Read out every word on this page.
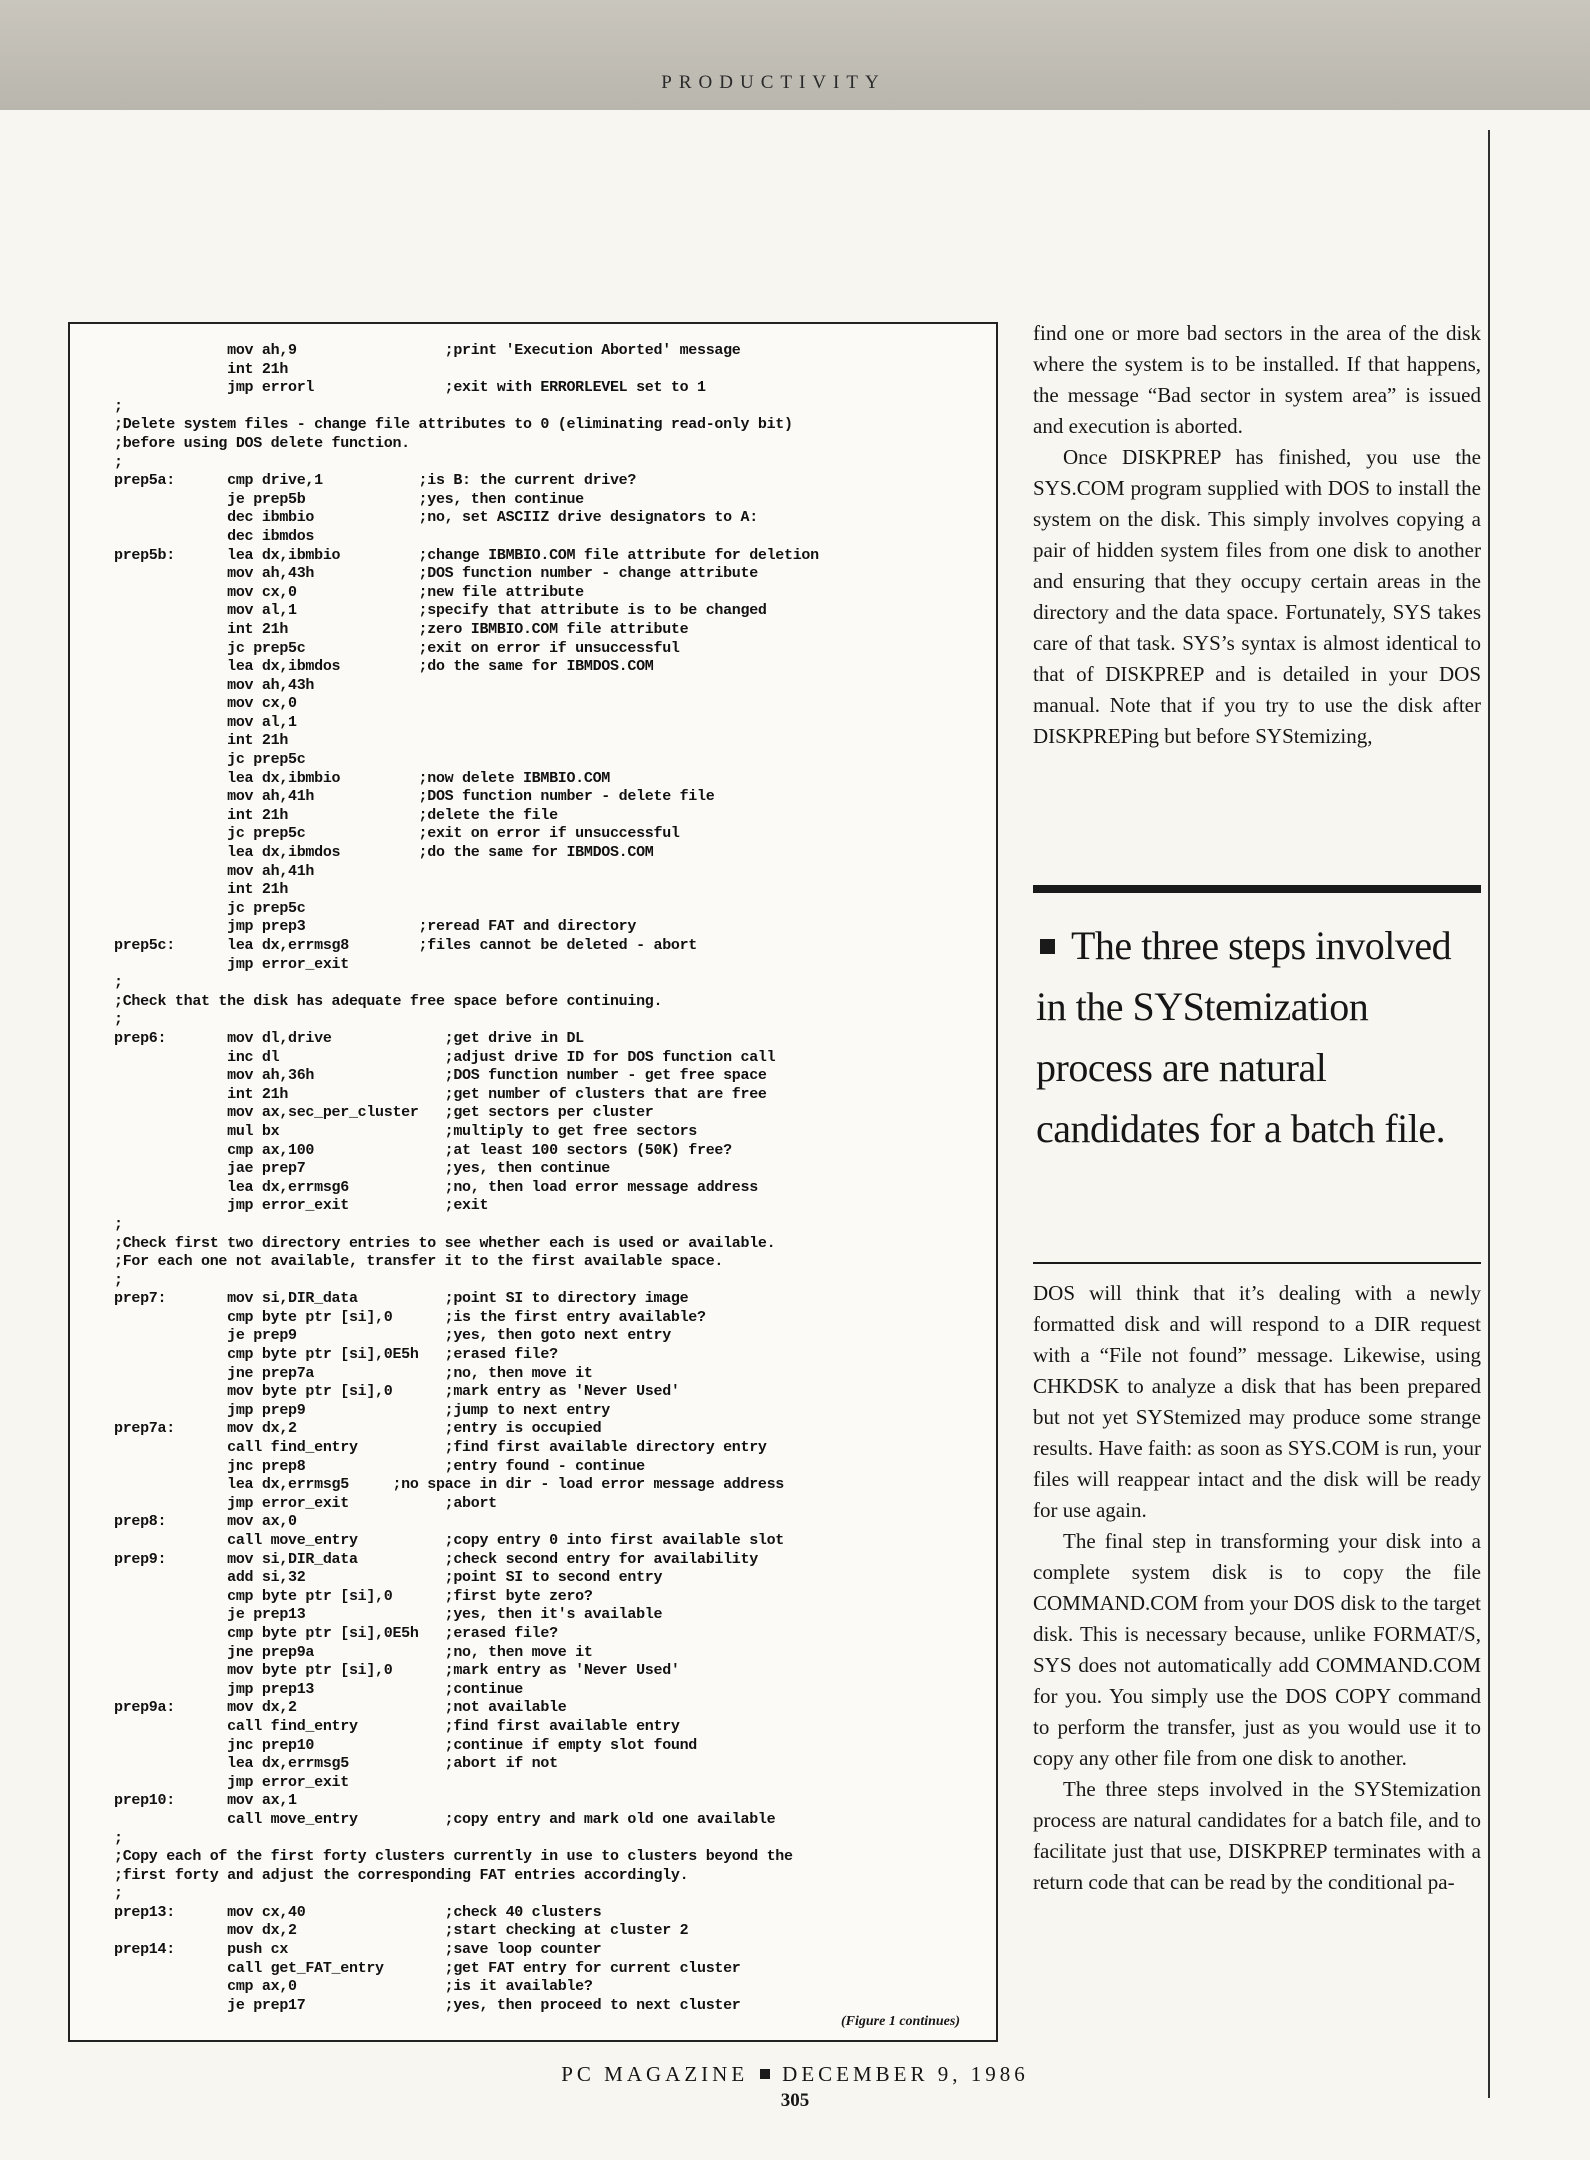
PRODUCTIVITY
mov ah,9                 ;print 'Execution Aborted' message
int 21h
jmp errorl               ;exit with ERRORLEVEL set to 1
;
;Delete system files - change file attributes to 0 (eliminating read-only bit)
;before using DOS delete function.
;
prep5a:      cmp drive,1           ;is B: the current drive?
je prep5b             ;yes, then continue
dec ibmbio            ;no, set ASCIIZ drive designators to A:
dec ibmdos
prep5b:      lea dx,ibmbio         ;change IBMBIO.COM file attribute for deletion
mov ah,43h            ;DOS function number - change attribute
mov cx,0              ;new file attribute
mov al,1              ;specify that attribute is to be changed
int 21h               ;zero IBMBIO.COM file attribute
jc prep5c             ;exit on error if unsuccessful
lea dx,ibmdos         ;do the same for IBMDOS.COM
mov ah,43h
mov cx,0
mov al,1
int 21h
jc prep5c
lea dx,ibmbio         ;now delete IBMBIO.COM
mov ah,41h            ;DOS function number - delete file
int 21h               ;delete the file
jc prep5c             ;exit on error if unsuccessful
lea dx,ibmdos         ;do the same for IBMDOS.COM
mov ah,41h
int 21h
jc prep5c
jmp prep3             ;reread FAT and directory
prep5c:      lea dx,errmsg8        ;files cannot be deleted - abort
jmp error_exit
;
;Check that the disk has adequate free space before continuing.
;
prep6:       mov dl,drive             ;get drive in DL
inc dl                   ;adjust drive ID for DOS function call
mov ah,36h               ;DOS function number - get free space
int 21h                  ;get number of clusters that are free
mov ax,sec_per_cluster   ;get sectors per cluster
mul bx                   ;multiply to get free sectors
cmp ax,100               ;at least 100 sectors (50K) free?
jae prep7                ;yes, then continue
lea dx,errmsg6           ;no, then load error message address
jmp error_exit           ;exit
;
;Check first two directory entries to see whether each is used or available.
;For each one not available, transfer it to the first available space.
;
prep7:       mov si,DIR_data          ;point SI to directory image
cmp byte ptr [si],0      ;is the first entry available?
je prep9                 ;yes, then goto next entry
cmp byte ptr [si],0E5h   ;erased file?
jne prep7a               ;no, then move it
mov byte ptr [si],0      ;mark entry as 'Never Used'
jmp prep9                ;jump to next entry
prep7a:      mov dx,2                 ;entry is occupied
call find_entry          ;find first available directory entry
jnc prep8                ;entry found - continue
lea dx,errmsg5     ;no space in dir - load error message address
jmp error_exit           ;abort
prep8:       mov ax,0
call move_entry          ;copy entry 0 into first available slot
prep9:       mov si,DIR_data          ;check second entry for availability
add si,32                ;point SI to second entry
cmp byte ptr [si],0      ;first byte zero?
je prep13                ;yes, then it's available
cmp byte ptr [si],0E5h   ;erased file?
jne prep9a               ;no, then move it
mov byte ptr [si],0      ;mark entry as 'Never Used'
jmp prep13               ;continue
prep9a:      mov dx,2                 ;not available
call find_entry          ;find first available entry
jnc prep10               ;continue if empty slot found
lea dx,errmsg5           ;abort if not
jmp error_exit
prep10:      mov ax,1
call move_entry          ;copy entry and mark old one available
;
;Copy each of the first forty clusters currently in use to clusters beyond the
;first forty and adjust the corresponding FAT entries accordingly.
;
prep13:      mov cx,40                ;check 40 clusters
mov dx,2                 ;start checking at cluster 2
prep14:      push cx                  ;save loop counter
call get_FAT_entry       ;get FAT entry for current cluster
cmp ax,0                 ;is it available?
je prep17                ;yes, then proceed to next cluster
(Figure 1 continues)

find one or more bad sectors in the area of the disk where the system is to be installed. If that happens, the message “Bad sector in system area” is issued and execution is aborted.

Once DISKPREP has finished, you use the SYS.COM program supplied with DOS to install the system on the disk. This simply involves copying a pair of hidden system files from one disk to another and ensuring that they occupy certain areas in the directory and the data space. Fortunately, SYS takes care of that task. SYS’s syntax is almost identical to that of DISKPREP and is detailed in your DOS manual. Note that if you try to use the disk after DISKPREPing but before SYStemizing,

The three steps involved in the SYStemization process are natural candidates for a batch file.

DOS will think that it’s dealing with a newly formatted disk and will respond to a DIR request with a “File not found” message. Likewise, using CHKDSK to analyze a disk that has been prepared but not yet SYStemized may produce some strange results. Have faith: as soon as SYS.COM is run, your files will reappear intact and the disk will be ready for use again.

The final step in transforming your disk into a complete system disk is to copy the file COMMAND.COM from your DOS disk to the target disk. This is necessary because, unlike FORMAT/S, SYS does not automatically add COMMAND.COM for you. You simply use the DOS COPY command to perform the transfer, just as you would use it to copy any other file from one disk to another.

The three steps involved in the SYStemization process are natural candidates for a batch file, and to facilitate just that use, DISKPREP terminates with a return code that can be read by the conditional pa-

PC MAGAZINE DECEMBER 9, 1986
305
